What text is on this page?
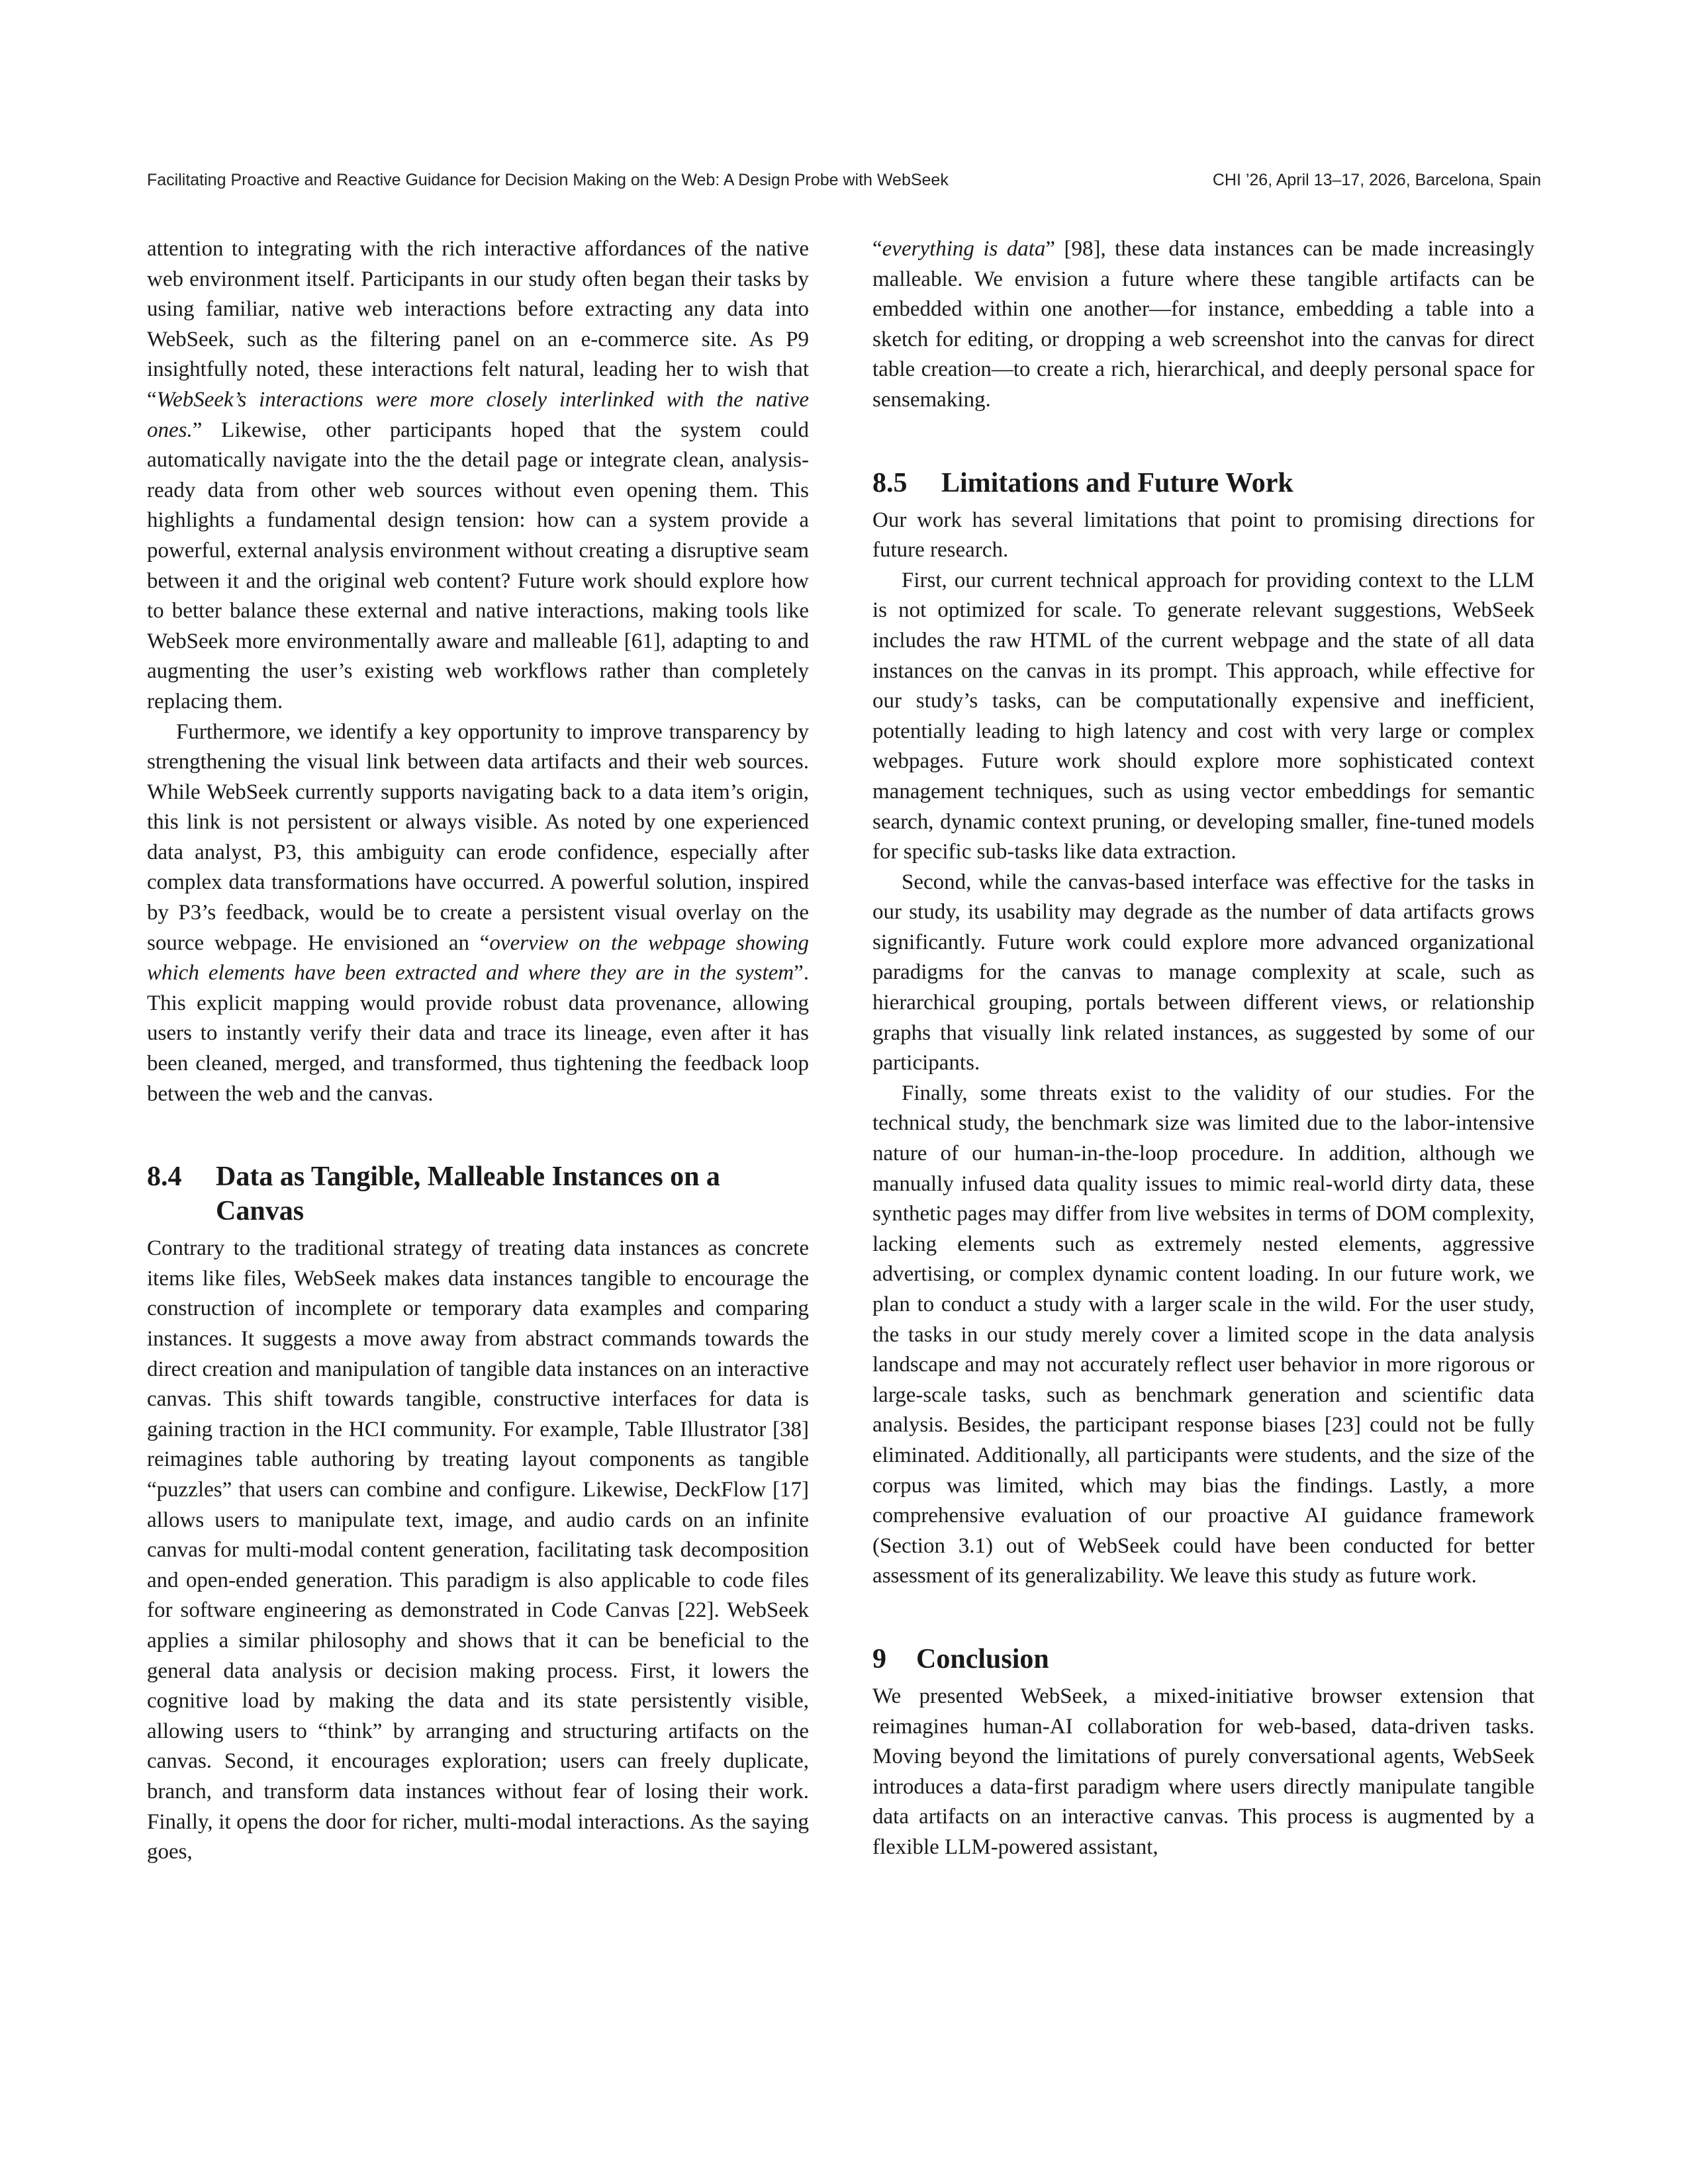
Facilitating Proactive and Reactive Guidance for Decision Making on the Web: A Design Probe with WebSeek	CHI ’26, April 13–17, 2026, Barcelona, Spain

attention to integrating with the rich interactive affordances of the native web environment itself. Participants in our study often began their tasks by using familiar, native web interactions before extracting any data into WebSeek, such as the filtering panel on an e-commerce site. As P9 insightfully noted, these interactions felt natural, leading her to wish that “WebSeek’s interactions were more closely interlinked with the native ones.” Likewise, other participants hoped that the system could automatically navigate into the the detail page or integrate clean, analysis-ready data from other web sources without even opening them. This highlights a fundamental design tension: how can a system provide a powerful, external analysis environment without creating a disruptive seam between it and the original web content? Future work should explore how to better balance these external and native interactions, making tools like WebSeek more environmentally aware and malleable [61], adapting to and augmenting the user’s existing web workflows rather than completely replacing them.

Furthermore, we identify a key opportunity to improve transparency by strengthening the visual link between data artifacts and their web sources. While WebSeek currently supports navigating back to a data item’s origin, this link is not persistent or always visible. As noted by one experienced data analyst, P3, this ambiguity can erode confidence, especially after complex data transformations have occurred. A powerful solution, inspired by P3’s feedback, would be to create a persistent visual overlay on the source webpage. He envisioned an “overview on the webpage showing which elements have been extracted and where they are in the system”. This explicit mapping would provide robust data provenance, allowing users to instantly verify their data and trace its lineage, even after it has been cleaned, merged, and transformed, thus tightening the feedback loop between the web and the canvas.

8.4	Data as Tangible, Malleable Instances on a Canvas

Contrary to the traditional strategy of treating data instances as concrete items like files, WebSeek makes data instances tangible to encourage the construction of incomplete or temporary data examples and comparing instances. It suggests a move away from abstract commands towards the direct creation and manipulation of tangible data instances on an interactive canvas. This shift towards tangible, constructive interfaces for data is gaining traction in the HCI community. For example, Table Illustrator [38] reimagines table authoring by treating layout components as tangible “puzzles” that users can combine and configure. Likewise, DeckFlow [17] allows users to manipulate text, image, and audio cards on an infinite canvas for multi-modal content generation, facilitating task decomposition and open-ended generation. This paradigm is also applicable to code files for software engineering as demonstrated in Code Canvas [22]. WebSeek applies a similar philosophy and shows that it can be beneficial to the general data analysis or decision making process. First, it lowers the cognitive load by making the data and its state persistently visible, allowing users to “think” by arranging and structuring artifacts on the canvas. Second, it encourages exploration; users can freely duplicate, branch, and transform data instances without fear of losing their work. Finally, it opens the door for richer, multi-modal interactions. As the saying goes,

“everything is data” [98], these data instances can be made increasingly malleable. We envision a future where these tangible artifacts can be embedded within one another—for instance, embedding a table into a sketch for editing, or dropping a web screenshot into the canvas for direct table creation—to create a rich, hierarchical, and deeply personal space for sensemaking.

8.5	Limitations and Future Work

Our work has several limitations that point to promising directions for future research.

First, our current technical approach for providing context to the LLM is not optimized for scale. To generate relevant suggestions, WebSeek includes the raw HTML of the current webpage and the state of all data instances on the canvas in its prompt. This approach, while effective for our study’s tasks, can be computationally expensive and inefficient, potentially leading to high latency and cost with very large or complex webpages. Future work should explore more sophisticated context management techniques, such as using vector embeddings for semantic search, dynamic context pruning, or developing smaller, fine-tuned models for specific sub-tasks like data extraction.

Second, while the canvas-based interface was effective for the tasks in our study, its usability may degrade as the number of data artifacts grows significantly. Future work could explore more advanced organizational paradigms for the canvas to manage complexity at scale, such as hierarchical grouping, portals between different views, or relationship graphs that visually link related instances, as suggested by some of our participants.

Finally, some threats exist to the validity of our studies. For the technical study, the benchmark size was limited due to the labor-intensive nature of our human-in-the-loop procedure. In addition, although we manually infused data quality issues to mimic real-world dirty data, these synthetic pages may differ from live websites in terms of DOM complexity, lacking elements such as extremely nested elements, aggressive advertising, or complex dynamic content loading. In our future work, we plan to conduct a study with a larger scale in the wild. For the user study, the tasks in our study merely cover a limited scope in the data analysis landscape and may not accurately reflect user behavior in more rigorous or large-scale tasks, such as benchmark generation and scientific data analysis. Besides, the participant response biases [23] could not be fully eliminated. Additionally, all participants were students, and the size of the corpus was limited, which may bias the findings. Lastly, a more comprehensive evaluation of our proactive AI guidance framework (Section 3.1) out of WebSeek could have been conducted for better assessment of its generalizability. We leave this study as future work.

9	Conclusion

We presented WebSeek, a mixed-initiative browser extension that reimagines human-AI collaboration for web-based, data-driven tasks. Moving beyond the limitations of purely conversational agents, WebSeek introduces a data-first paradigm where users directly manipulate tangible data artifacts on an interactive canvas. This process is augmented by a flexible LLM-powered assistant,
